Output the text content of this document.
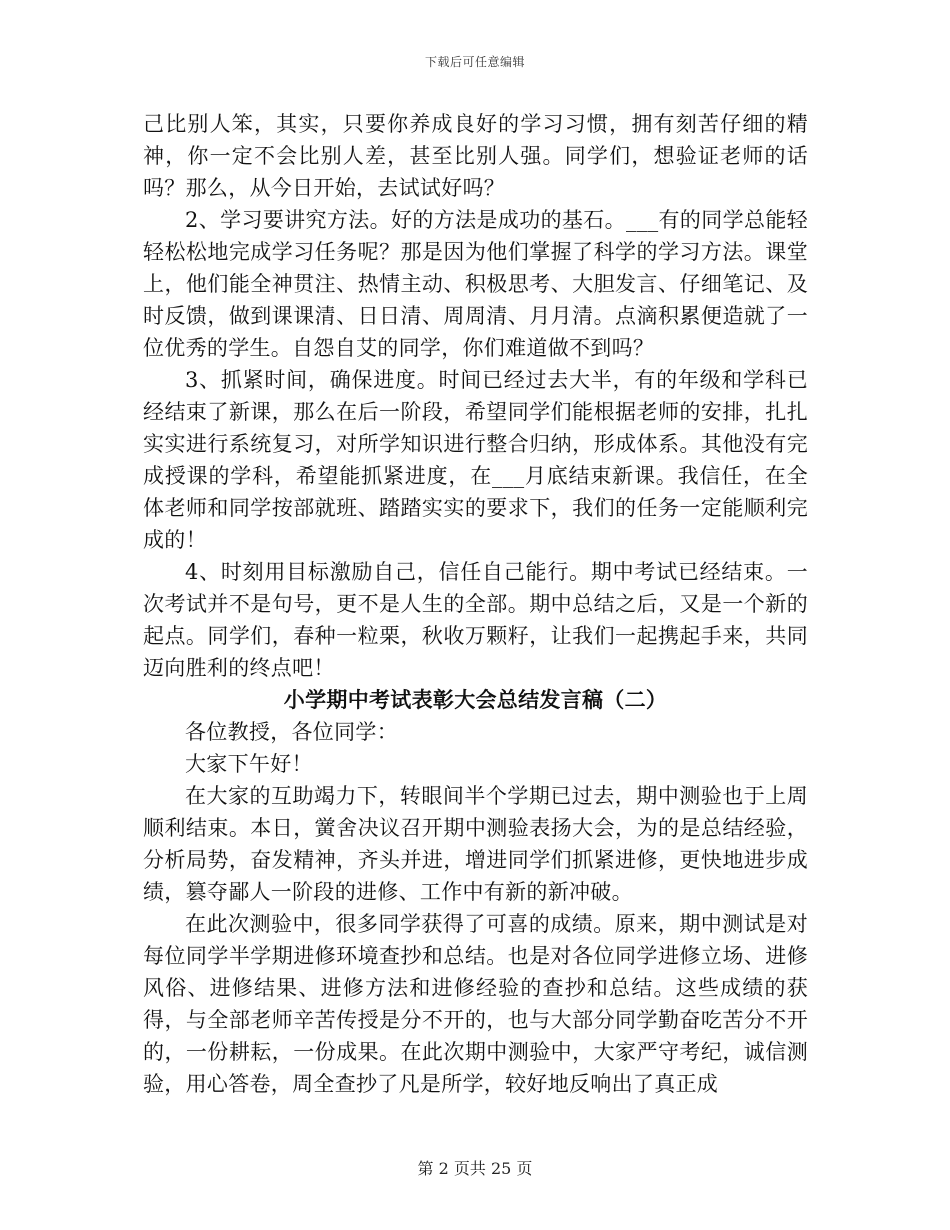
下载后可任意编辑

己比别人笨，其实，只要你养成良好的学习习惯，拥有刻苦仔细的精神，你一定不会比别人差，甚至比别人强。同学们，想验证老师的话吗？那么，从今日开始，去试试好吗？

2、学习要讲究方法。好的方法是成功的基石。___有的同学总能轻轻松松地完成学习任务呢？那是因为他们掌握了科学的学习方法。课堂上，他们能全神贯注、热情主动、积极思考、大胆发言、仔细笔记、及时反馈，做到课课清、日日清、周周清、月月清。点滴积累便造就了一位优秀的学生。自怨自艾的同学，你们难道做不到吗？

3、抓紧时间，确保进度。时间已经过去大半，有的年级和学科已经结束了新课，那么在后一阶段，希望同学们能根据老师的安排，扎扎实实进行系统复习，对所学知识进行整合归纳，形成体系。其他没有完成授课的学科，希望能抓紧进度，在___月底结束新课。我信任，在全体老师和同学按部就班、踏踏实实的要求下，我们的任务一定能顺利完成的！

4、时刻用目标激励自己，信任自己能行。期中考试已经结束。一次考试并不是句号，更不是人生的全部。期中总结之后，又是一个新的起点。同学们，春种一粒栗，秋收万颗籽，让我们一起携起手来，共同迈向胜利的终点吧！

小学期中考试表彰大会总结发言稿（二）

各位教授，各位同学：

大家下午好！

在大家的互助竭力下，转眼间半个学期已过去，期中测验也于上周顺利结束。本日，黉舍决议召开期中测验表扬大会，为的是总结经验，分析局势，奋发精神，齐头并进，增进同学们抓紧进修，更快地进步成绩，篡夺鄙人一阶段的进修、工作中有新的新冲破。

在此次测验中，很多同学获得了可喜的成绩。原来，期中测试是对每位同学半学期进修环境查抄和总结。也是对各位同学进修立场、进修风俗、进修结果、进修方法和进修经验的查抄和总结。这些成绩的获得，与全部老师辛苦传授是分不开的，也与大部分同学勤奋吃苦分不开的，一份耕耘，一份成果。在此次期中测验中，大家严守考纪，诚信测验，用心答卷，周全查抄了凡是所学，较好地反响出了真正成

第 2 页共 25 页
